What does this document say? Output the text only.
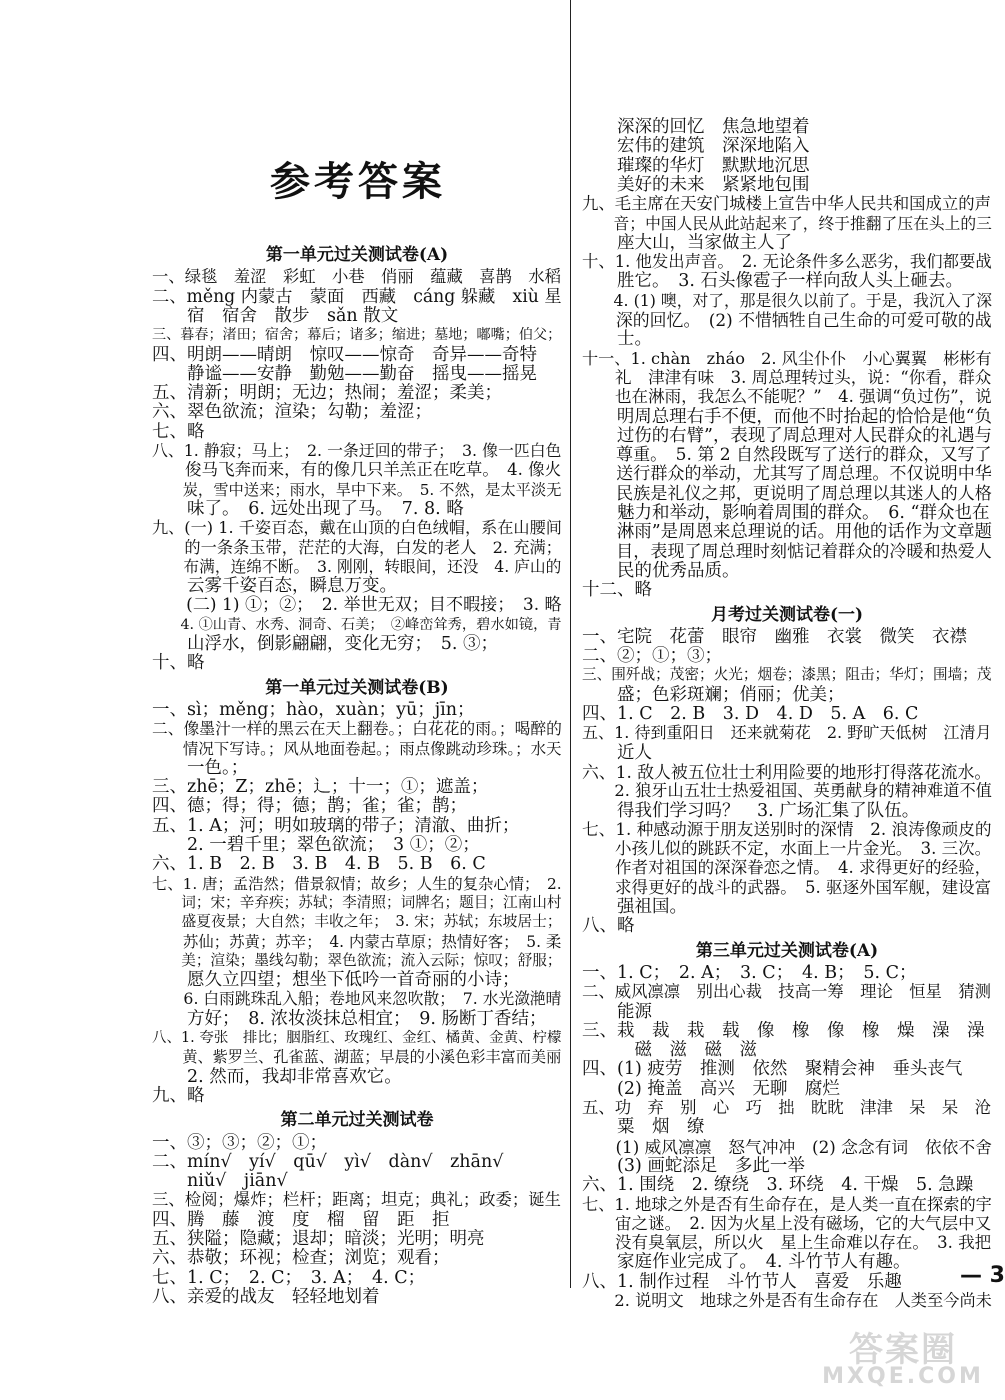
参考答案
第一单元过关测试卷(A)
一、绿毯　羞涩　彩虹　小巷　俏丽　蕴藏　喜鹊　水稻
二、měng 内蒙古　蒙面　西藏　cáng 躲藏　xiù 星
　　宿　宿舍　散步　sǎn 散文
三、暮春；渚田；宿舍；幕后；诸多；缩进；墓地；嘟嘴；伯父；
四、明朗——晴朗　惊叹——惊奇　奇异——奇特
　　静谧——安静　勤勉——勤奋　摇曳——摇晃
五、清新；明朗；无边；热闹；羞涩；柔美；
六、翠色欲流；渲染；勾勒；羞涩；
七、略
八、1. 静寂；马上；　2. 一条迂回的带子；　3. 像一匹白色
　　俊马飞奔而来，有的像几只羊羔正在吃草。　4. 像火
　　炭，雪中送来；雨水，旱中下来。　5. 不然，是太平淡无
　　味了。　6. 远处出现了马。　7. 8. 略
九、(一) 1. 千姿百态，戴在山顶的白色绒帽，系在山腰间
　　的一条条玉带，茫茫的大海，白发的老人　2. 充满；
　　布满，连绵不断。　3. 刚刚，转眼间，还没　4. 庐山的
　　云雾千姿百态，瞬息万变。
　　(二) 1) ①；②；　2. 举世无双；目不暇接；　3. 略
　　4. ①山青、水秀、洞奇、石美；　②峰峦耸秀，碧水如镜，青
　　山浮水，倒影翩翩，变化无穷；　5. ③；
十、略
第一单元过关测试卷(B)
一、sì；měng；hào，xuàn；yū；jīn；
二、像墨汁一样的黑云在天上翻卷。；白花花的雨。；喝醉的
　　情况下写诗。；风从地面卷起。；雨点像跳动珍珠。；水天
　　一色。；
三、zhē；Z；zhē；辶；十一；①；遮盖；
四、德；得；得；德；鹊；雀；雀；鹊；
五、1. A；河；明如玻璃的带子；清澈、曲折；
　　2. 一碧千里；翠色欲流；　3 ①；②；
六、1. B　2. B　3. B　4. B　5. B　6. C
七、1. 唐；孟浩然；借景叙情；故乡；人生的复杂心情；　2.
　　词；宋；辛弃疾；苏轼；李清照；词牌名；题目；江南山村
　　盛夏夜景；大自然；丰收之年；　3. 宋；苏轼；东坡居士；
　　苏仙；苏黄；苏辛；　4. 内蒙古草原；热情好客；　5. 柔
　　美；渲染；墨线勾勒；翠色欲流；流入云际；惊叹；舒服；
　　愿久立四望；想坐下低吟一首奇丽的小诗；
　　6. 白雨跳珠乱入船；卷地风来忽吹散；　7. 水光潋滟晴
　　方好；　8. 浓妆淡抹总相宜；　9. 肠断丁香结；
八、1. 夸张　排比；胭脂红、玫瑰红、金红、橘黄、金黄、柠檬
　　黄、紫罗兰、孔雀蓝、湖蓝；早晨的小溪色彩丰富而美丽
　　2. 然而，我却非常喜欢它。
九、略
第二单元过关测试卷
一、③；③；②；①；
二、mín√　yí√　qū√　yì√　dàn√　zhān√
　　niǔ√　jiān√
三、检阅；爆炸；栏杆；距离；坦克；典礼；政委；诞生
四、腾　藤　渡　度　榴　留　距　拒
五、狭隘；隐藏；退却；暗淡；光明；明亮
六、恭敬；环视；检查；浏览；观看；
七、1. C；　2. C；　3. A；　4. C；
八、亲爱的战友　轻轻地划着
　　深深的回忆　焦急地望着
　　宏伟的建筑　深深地陷入
　　璀璨的华灯　默默地沉思
　　美好的未来　紧紧地包围
九、毛主席在天安门城楼上宣告中华人民共和国成立的声
　　音；中国人民从此站起来了，终于推翻了压在头上的三
　　座大山，当家做主人了
十、1. 他发出声音。　2. 无论条件多么恶劣，我们都要战
　　胜它。　3. 石头像雹子一样向敌人头上砸去。
　　4. (1) 噢，对了，那是很久以前了。于是，我沉入了深
　　深的回忆。　(2) 不惜牺牲自己生命的可爱可敬的战
　　士。
十一、1. chàn　zháo　2. 风尘仆仆　小心翼翼　彬彬有
　　礼　津津有味　3. 周总理转过头，说：“你看，群众
　　也在淋雨，我怎么不能呢？”　4. 强调“负过伤”，说
　　明周总理右手不便，而他不时抬起的恰恰是他“负
　　过伤的右臂”，表现了周总理对人民群众的礼遇与
　　尊重。　5. 第 2 自然段既写了送行的群众，又写了
　　送行群众的举动，尤其写了周总理。不仅说明中华
　　民族是礼仪之邦，更说明了周总理以其迷人的人格
　　魅力和举动，影响着周围的群众。　6. “群众也在
　　淋雨”是周恩来总理说的话。用他的话作为文章题
　　目，表现了周总理时刻惦记着群众的冷暖和热爱人
　　民的优秀品质。
十二、略
月考过关测试卷(一)
一、宅院　花蕾　眼帘　幽雅　衣裳　微笑　衣襟
二、②；①；③；
三、围歼战；茂密；火光；烟卷；漆黑；阻击；华灯；围墙；茂
　　盛；色彩斑斓；俏丽；优美；
四、1. C　2. B　3. D　4. D　5. A　6. C
五、1. 待到重阳日　还来就菊花　2. 野旷天低树　江清月
　　近人
六、1. 敌人被五位壮士利用险要的地形打得落花流水。
　　2. 狼牙山五壮士热爱祖国、英勇献身的精神难道不值
　　得我们学习吗？　3. 广场汇集了队伍。
七、1. 种感动源于朋友送别时的深情　2. 浪涛像顽皮的
　　小孩儿似的跳跃不定，水面上一片金光。　3. 三次。
　　作者对祖国的深深眷恋之情。　4. 求得更好的经验，
　　求得更好的战斗的武器。　5. 驱逐外国军舰，建设富
　　强祖国。
八、略
第三单元过关测试卷(A)
一、1. C；　2. A；　3. C；　4. B；　5. C；
二、威风凛凛　别出心裁　技高一筹　理论　恒星　猜测
　　能源
三、栽　裁　栽　载　像　橡　像　橡　燥　澡　澡
　　　磁　滋　磁　滋
四、(1) 疲劳　推测　依然　聚精会神　垂头丧气
　　(2) 掩盖　高兴　无聊　腐烂
五、功　弃　别　心　巧　拙　眈眈　津津　呆　呆　沧
　　粟　烟　缭
　　(1) 威风凛凛　怒气冲冲　(2) 念念有词　依依不舍
　　(3) 画蛇添足　多此一举
六、1. 围绕　2. 缭绕　3. 环绕　4. 干燥　5. 急躁
七、1. 地球之外是否有生命存在，是人类一直在探索的宇
　　宙之谜。　2. 因为火星上没有磁场，它的大气层中又
　　没有臭氧层，所以火　星上生命难以存在。　3. 我把
　　家庭作业完成了。　4. 斗竹节人有趣。
八、1. 制作过程　斗竹节人　喜爱　乐趣
　　2. 说明文　地球之外是否有生命存在　人类至今尚未
— 3
答案圈
MXQE.COM
